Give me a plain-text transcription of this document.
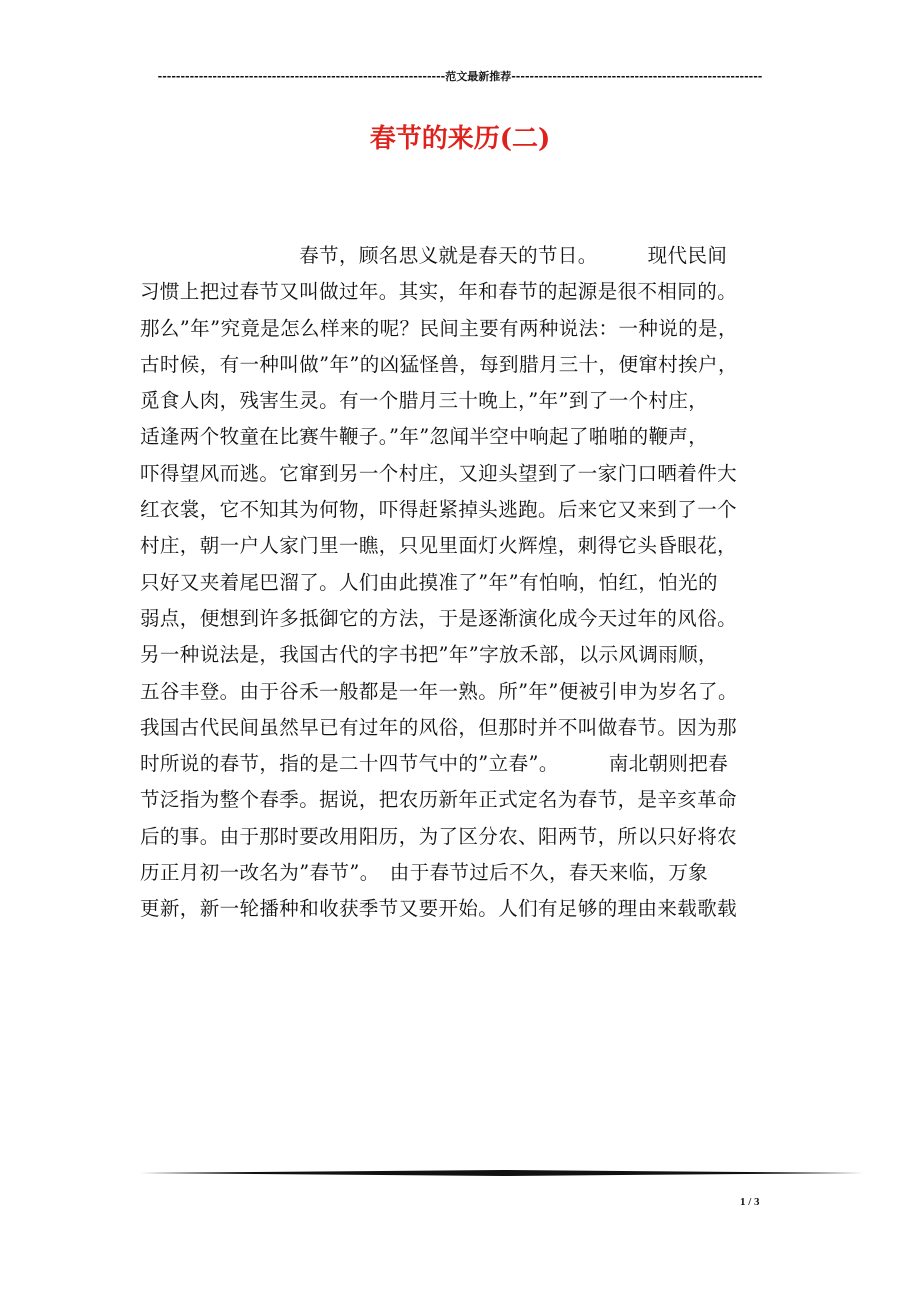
---------------------------------------------------------------范文最新推荐-------------------------------------------------------
春节的来历(二)
　　　　　　　　春节，顾名思义就是春天的节日。　　　现代民间
习惯上把过春节又叫做过年。其实，年和春节的起源是很不相同的。
那么”年”究竟是怎么样来的呢？民间主要有两种说法：一种说的是，
古时候，有一种叫做”年”的凶猛怪兽，每到腊月三十，便窜村挨户，
觅食人肉，残害生灵。有一个腊月三十晚上，”年”到了一个村庄，
适逢两个牧童在比赛牛鞭子。”年”忽闻半空中响起了啪啪的鞭声，
吓得望风而逃。它窜到另一个村庄，又迎头望到了一家门口晒着件大
红衣裳，它不知其为何物，吓得赶紧掉头逃跑。后来它又来到了一个
村庄，朝一户人家门里一瞧，只见里面灯火辉煌，刺得它头昏眼花，
只好又夹着尾巴溜了。人们由此摸准了”年”有怕响，怕红，怕光的
弱点，便想到许多抵御它的方法，于是逐渐演化成今天过年的风俗。
另一种说法是，我国古代的字书把”年”字放禾部，以示风调雨顺，
五谷丰登。由于谷禾一般都是一年一熟。所”年”便被引申为岁名了。
我国古代民间虽然早已有过年的风俗，但那时并不叫做春节。因为那
时所说的春节，指的是二十四节气中的”立春”。　　　南北朝则把春
节泛指为整个春季。据说，把农历新年正式定名为春节，是辛亥革命
后的事。由于那时要改用阳历，为了区分农、阳两节，所以只好将农
历正月初一改名为”春节”。　由于春节过后不久，春天来临，万象
更新，新一轮播种和收获季节又要开始。人们有足够的理由来载歌载
1 / 3
